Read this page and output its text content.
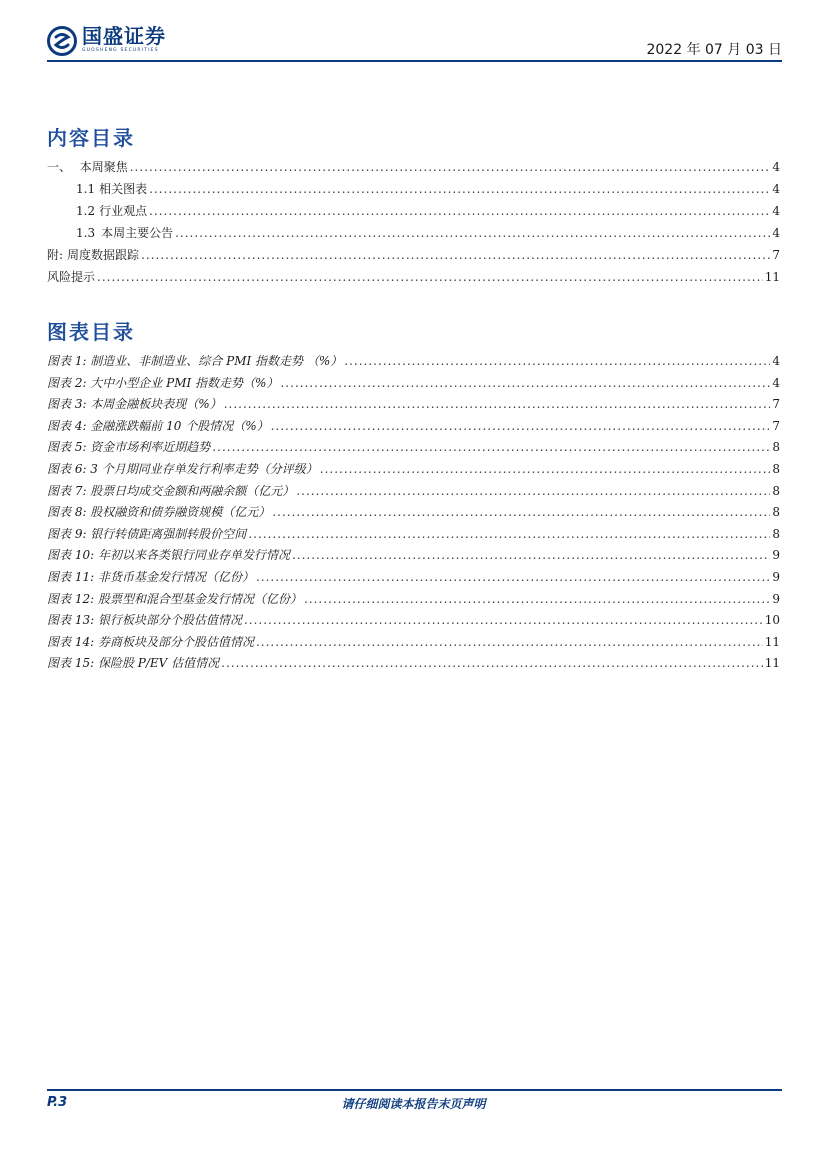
国盛证券
GUOSHENG SECURITIES	2022 年 07 月 03 日
内容目录
一、 本周聚焦 .....	4
1.1 相关图表 .....	4
1.2 行业观点 .....	4
1.3 本周主要公告 .....	4
附: 周度数据跟踪 .....	7
风险提示 .....	11
图表目录
图表 1: 制造业、非制造业、综合 PMI 指数走势 （%） .....	4
图表 2: 大中小型企业 PMI 指数走势（%） .....	4
图表 3: 本周金融板块表现（%） .....	7
图表 4: 金融涨跌幅前 10 个股情况（%） .....	7
图表 5: 资金市场利率近期趋势 .....	8
图表 6: 3 个月期同业存单发行利率走势（分评级） .....	8
图表 7: 股票日均成交金额和两融余额（亿元） .....	8
图表 8: 股权融资和债券融资规模（亿元） .....	8
图表 9: 银行转债距离强制转股价空间 .....	8
图表 10: 年初以来各类银行同业存单发行情况 .....	9
图表 11: 非货币基金发行情况（亿份） .....	9
图表 12: 股票型和混合型基金发行情况（亿份） .....	9
图表 13: 银行板块部分个股估值情况 .....	10
图表 14: 券商板块及部分个股估值情况 .....	11
图表 15: 保险股 P/EV 估值情况 .....	11
P.3	请仔细阅读本报告末页声明
